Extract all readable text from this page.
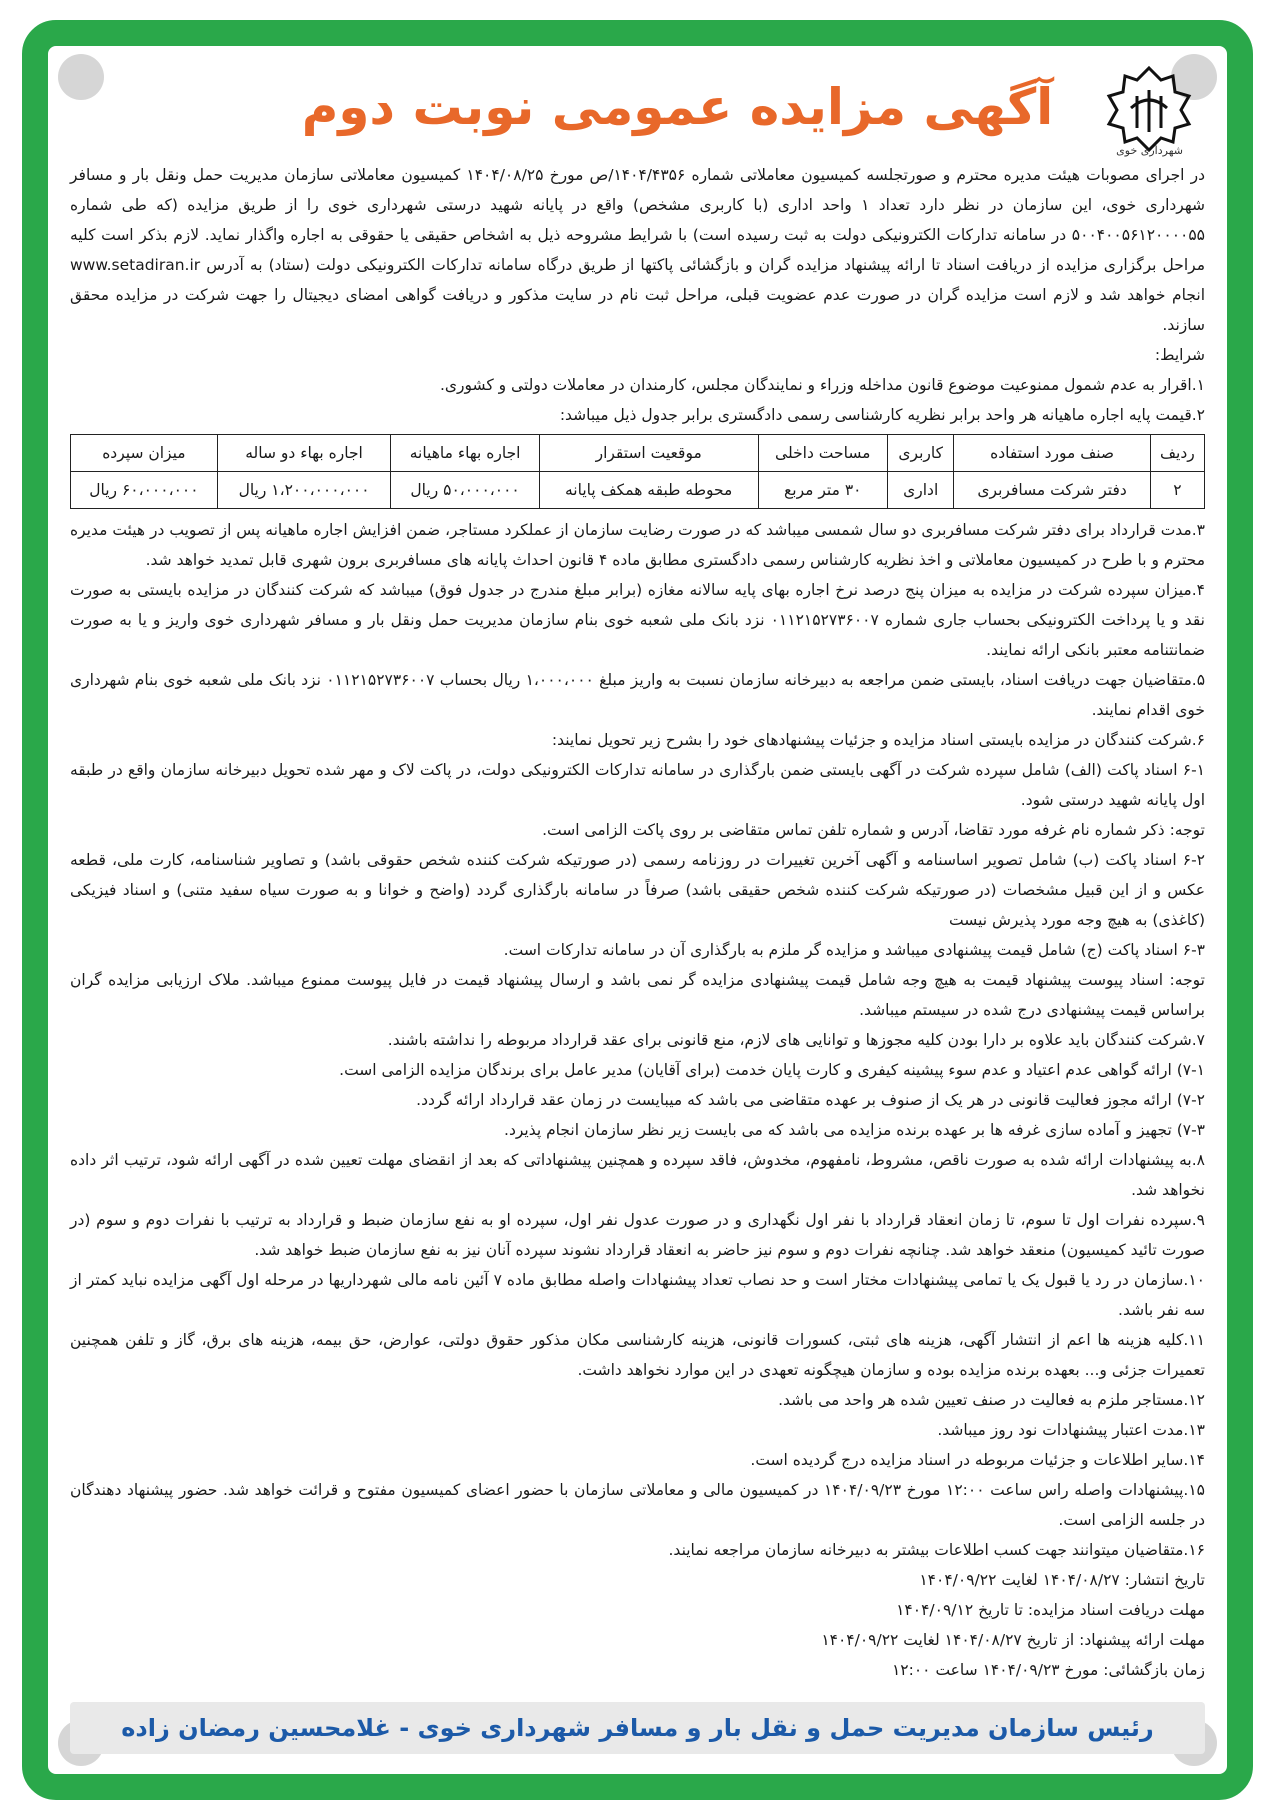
شهرداری خوی
آگهی مزایده عمومی نوبت دوم

در اجرای مصوبات هیئت مدیره محترم و صورتجلسه کمیسیون معاملاتی شماره ۱۴۰۴/۴۳۵۶/ص مورخ ۱۴۰۴/۰۸/۲۵ کمیسیون معاملاتی سازمان مدیریت حمل ونقل بار و مسافر شهرداری خوی، این سازمان در نظر دارد تعداد ۱ واحد اداری (با کاربری مشخص) واقع در پایانه شهید درستی شهرداری خوی را از طریق مزایده (که طی شماره ۵۰۰۴۰۰۵۶۱۲۰۰۰۰۵۵ در سامانه تدارکات الکترونیکی دولت به ثبت رسیده است) با شرایط مشروحه ذیل به اشخاص حقیقی یا حقوقی به اجاره واگذار نماید. لازم بذکر است کلیه مراحل برگزاری مزایده از دریافت اسناد تا ارائه پیشنهاد مزایده گران و بازگشائی پاکتها از طریق درگاه سامانه تدارکات الکترونیکی دولت (ستاد) به آدرس www.setadiran.ir انجام خواهد شد و لازم است مزایده گران در صورت عدم عضویت قبلی، مراحل ثبت نام در سایت مذکور و دریافت گواهی امضای دیجیتال را جهت شرکت در مزایده محقق سازند.

شرایط:

۱.اقرار به عدم شمول ممنوعیت موضوع قانون مداخله وزراء و نمایندگان مجلس، کارمندان در معاملات دولتی و کشوری.

۲.قیمت پایه اجاره ماهیانه هر واحد برابر نظریه کارشناسی رسمی دادگستری برابر جدول ذیل میباشد:

ردیف	صنف مورد استفاده	کاربری	مساحت داخلی	موقعیت استقرار	اجاره بهاء ماهیانه	اجاره بهاء دو ساله	میزان سپرده
۲	دفتر شرکت مسافربری	اداری	۳۰ متر مربع	محوطه طبقه همکف پایانه	۵۰،۰۰۰،۰۰۰ ریال	۱،۲۰۰،۰۰۰،۰۰۰ ریال	۶۰،۰۰۰،۰۰۰ ریال

۳.مدت قرارداد برای دفتر شرکت مسافربری دو سال شمسی میباشد که در صورت رضایت سازمان از عملکرد مستاجر، ضمن افزایش اجاره ماهیانه پس از تصویب در هیئت مدیره محترم و با طرح در کمیسیون معاملاتی و اخذ نظریه کارشناس رسمی دادگستری مطابق ماده ۴ قانون احداث پایانه های مسافربری برون شهری قابل تمدید خواهد شد.

۴.میزان سپرده شرکت در مزایده به میزان پنج درصد نرخ اجاره بهای پایه سالانه مغازه (برابر مبلغ مندرج در جدول فوق) میباشد که شرکت کنندگان در مزایده بایستی به صورت نقد و یا پرداخت الکترونیکی بحساب جاری شماره ۰۱۱۲۱۵۲۷۳۶۰۰۷ نزد بانک ملی شعبه خوی بنام سازمان مدیریت حمل ونقل بار و مسافر شهرداری خوی واریز و یا به صورت ضمانتنامه معتبر بانکی ارائه نمایند.

۵.متقاضیان جهت دریافت اسناد، بایستی ضمن مراجعه به دبیرخانه سازمان نسبت به واریز مبلغ ۱،۰۰۰،۰۰۰ ریال بحساب ۰۱۱۲۱۵۲۷۳۶۰۰۷ نزد بانک ملی شعبه خوی بنام شهرداری خوی اقدام نمایند.

۶.شرکت کنندگان در مزایده بایستی اسناد مزایده و جزئیات پیشنهادهای خود را بشرح زیر تحویل نمایند:

۶-۱ اسناد پاکت (الف) شامل سپرده شرکت در آگهی بایستی ضمن بارگذاری در سامانه تدارکات الکترونیکی دولت، در پاکت لاک و مهر شده تحویل دبیرخانه سازمان واقع در طبقه اول پایانه شهید درستی شود.

توجه: ذکر شماره نام غرفه مورد تقاضا، آدرس و شماره تلفن تماس متقاضی بر روی پاکت الزامی است.

۶-۲ اسناد پاکت (ب) شامل تصویر اساسنامه و آگهی آخرین تغییرات در روزنامه رسمی (در صورتیکه شرکت کننده شخص حقوقی باشد) و تصاویر شناسنامه، کارت ملی، قطعه عکس و از این قبیل مشخصات (در صورتیکه شرکت کننده شخص حقیقی باشد) صرفاً در سامانه بارگذاری گردد (واضح و خوانا و به صورت سیاه سفید متنی) و اسناد فیزیکی (کاغذی) به هیچ وجه مورد پذیرش نیست

۶-۳ اسناد پاکت (ج) شامل قیمت پیشنهادی میباشد و مزایده گر ملزم به بارگذاری آن در سامانه تدارکات است.

توجه: اسناد پیوست پیشنهاد قیمت به هیچ وجه شامل قیمت پیشنهادی مزایده گر نمی باشد و ارسال پیشنهاد قیمت در فایل پیوست ممنوع میباشد. ملاک ارزیابی مزایده گران براساس قیمت پیشنهادی درج شده در سیستم میباشد.

۷.شرکت کنندگان باید علاوه بر دارا بودن کلیه مجوزها و توانایی های لازم، منع قانونی برای عقد قرارداد مربوطه را نداشته باشند.

۷-۱) ارائه گواهی عدم اعتیاد و عدم سوء پیشینه کیفری و کارت پایان خدمت (برای آقایان) مدیر عامل برای برندگان مزایده الزامی است.

۷-۲) ارائه مجوز فعالیت قانونی در هر یک از صنوف بر عهده متقاضی می باشد که میبایست در زمان عقد قرارداد ارائه گردد.

۷-۳) تجهیز و آماده سازی غرفه ها بر عهده برنده مزایده می باشد که می بایست زیر نظر سازمان انجام پذیرد.

۸.به پیشنهادات ارائه شده به صورت ناقص، مشروط، نامفهوم، مخدوش، فاقد سپرده و همچنین پیشنهاداتی که بعد از انقضای مهلت تعیین شده در آگهی ارائه شود، ترتیب اثر داده نخواهد شد.

۹.سپرده نفرات اول تا سوم، تا زمان انعقاد قرارداد با نفر اول نگهداری و در صورت عدول نفر اول، سپرده او به نفع سازمان ضبط و قرارداد به ترتیب با نفرات دوم و سوم (در صورت تائید کمیسیون) منعقد خواهد شد. چنانچه نفرات دوم و سوم نیز حاضر به انعقاد قرارداد نشوند سپرده آنان نیز به نفع سازمان ضبط خواهد شد.

۱۰.سازمان در رد یا قبول یک یا تمامی پیشنهادات مختار است و حد نصاب تعداد پیشنهادات واصله مطابق ماده ۷ آئین نامه مالی شهرداریها در مرحله اول آگهی مزایده نباید کمتر از سه نفر باشد.

۱۱.کلیه هزینه ها اعم از انتشار آگهی، هزینه های ثبتی، کسورات قانونی، هزینه کارشناسی مکان مذکور حقوق دولتی، عوارض، حق بیمه، هزینه های برق، گاز و تلفن همچنین تعمیرات جزئی و... بعهده برنده مزایده بوده و سازمان هیچگونه تعهدی در این موارد نخواهد داشت.

۱۲.مستاجر ملزم به فعالیت در صنف تعیین شده هر واحد می باشد.

۱۳.مدت اعتبار پیشنهادات نود روز میباشد.

۱۴.سایر اطلاعات و جزئیات مربوطه در اسناد مزایده درج گردیده است.

۱۵.پیشنهادات واصله راس ساعت ۱۲:۰۰ مورخ ۱۴۰۴/۰۹/۲۳ در کمیسیون مالی و معاملاتی سازمان با حضور اعضای کمیسیون مفتوح و قرائت خواهد شد. حضور پیشنهاد دهندگان در جلسه الزامی است.

۱۶.متقاضیان میتوانند جهت کسب اطلاعات بیشتر به دبیرخانه سازمان مراجعه نمایند.

تاریخ انتشار: ۱۴۰۴/۰۸/۲۷ لغایت ۱۴۰۴/۰۹/۲۲

مهلت دریافت اسناد مزایده: تا تاریخ ۱۴۰۴/۰۹/۱۲

مهلت ارائه پیشنهاد: از تاریخ ۱۴۰۴/۰۸/۲۷ لغایت ۱۴۰۴/۰۹/۲۲

زمان بازگشائی: مورخ ۱۴۰۴/۰۹/۲۳ ساعت ۱۲:۰۰

رئیس سازمان مدیریت حمل و نقل بار و مسافر شهرداری خوی - غلامحسین رمضان زاده
